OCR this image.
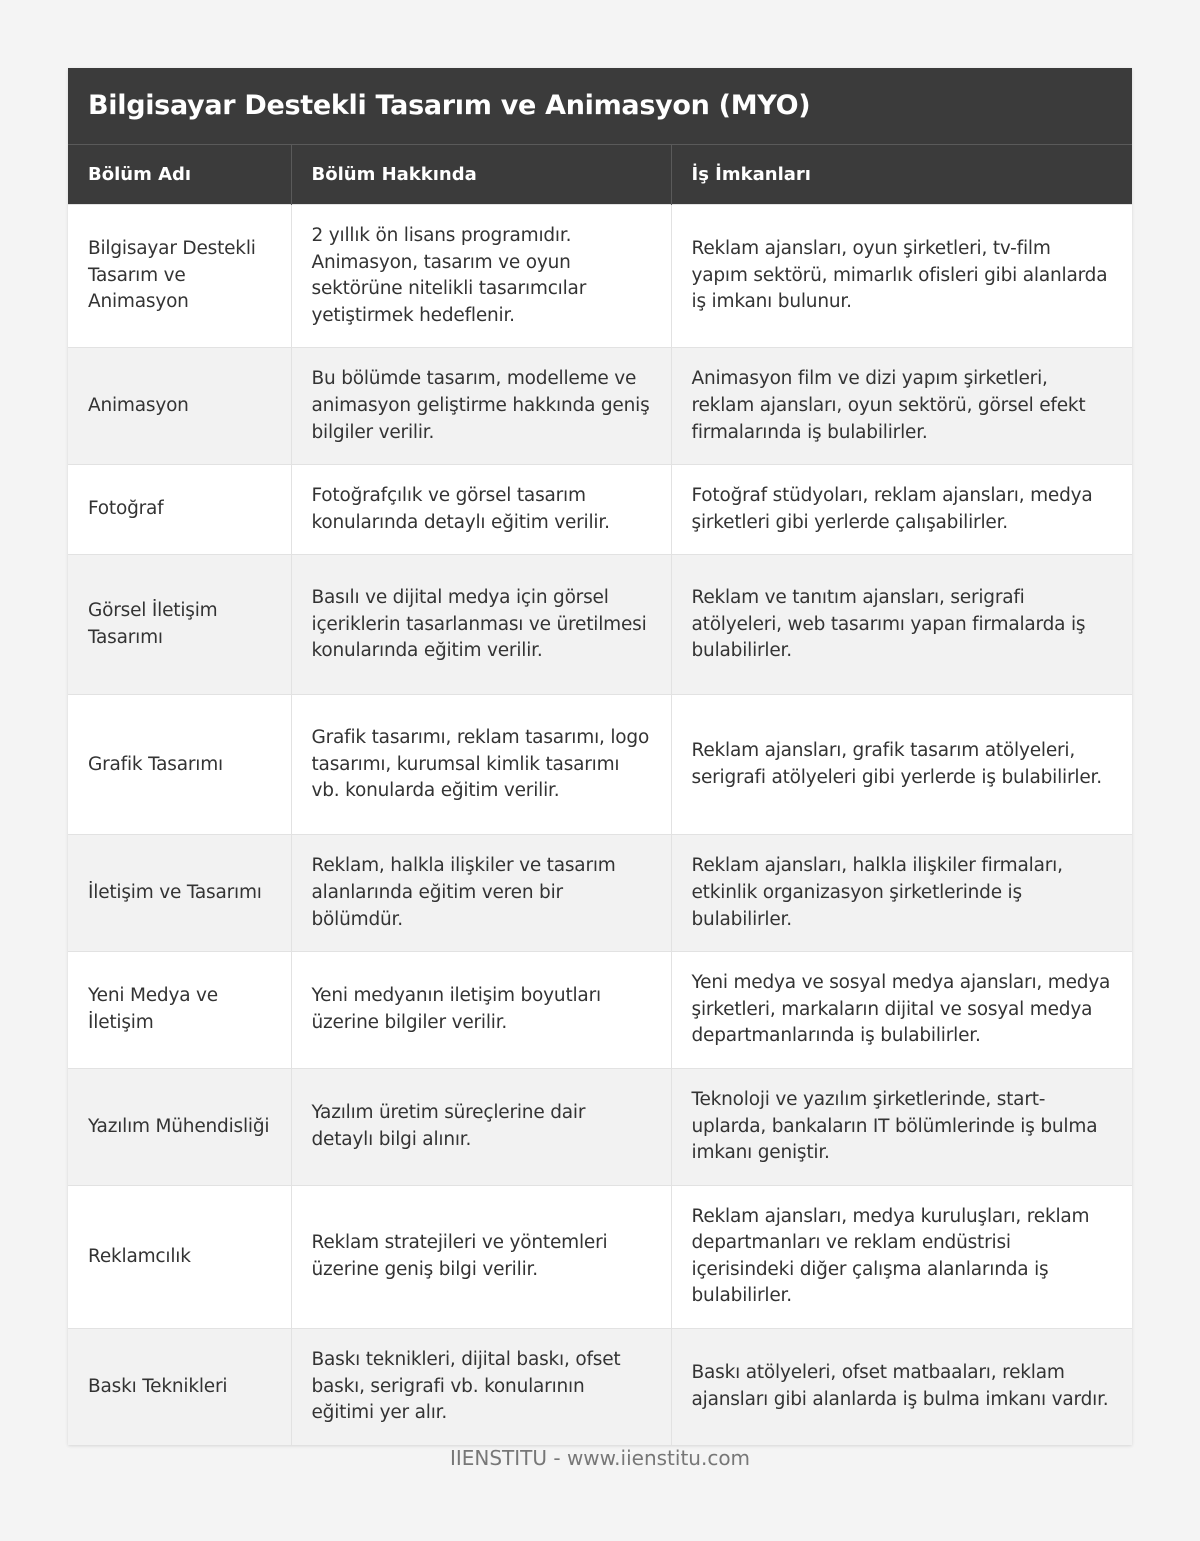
Bilgisayar Destekli Tasarım ve Animasyon (MYO)
Bölüm Adı	Bölüm Hakkında	İş İmkanları
Bilgisayar Destekli Tasarım ve Animasyon	2 yıllık ön lisans programıdır. Animasyon, tasarım ve oyun sektörüne nitelikli tasarımcılar yetiştirmek hedeflenir.	Reklam ajansları, oyun şirketleri, tv-film yapım sektörü, mimarlık ofisleri gibi alanlarda iş imkanı bulunur.
Animasyon	Bu bölümde tasarım, modelleme ve animasyon geliştirme hakkında geniş bilgiler verilir.	Animasyon film ve dizi yapım şirketleri, reklam ajansları, oyun sektörü, görsel efekt firmalarında iş bulabilirler.
Fotoğraf	Fotoğrafçılık ve görsel tasarım konularında detaylı eğitim verilir.	Fotoğraf stüdyoları, reklam ajansları, medya şirketleri gibi yerlerde çalışabilirler.
Görsel İletişim Tasarımı	Basılı ve dijital medya için görsel içeriklerin tasarlanması ve üretilmesi konularında eğitim verilir.	Reklam ve tanıtım ajansları, serigrafi atölyeleri, web tasarımı yapan firmalarda iş bulabilirler.
Grafik Tasarımı	Grafik tasarımı, reklam tasarımı, logo tasarımı, kurumsal kimlik tasarımı vb. konularda eğitim verilir.	Reklam ajansları, grafik tasarım atölyeleri, serigrafi atölyeleri gibi yerlerde iş bulabilirler.
İletişim ve Tasarımı	Reklam, halkla ilişkiler ve tasarım alanlarında eğitim veren bir bölümdür.	Reklam ajansları, halkla ilişkiler firmaları, etkinlik organizasyon şirketlerinde iş bulabilirler.
Yeni Medya ve İletişim	Yeni medyanın iletişim boyutları üzerine bilgiler verilir.	Yeni medya ve sosyal medya ajansları, medya şirketleri, markaların dijital ve sosyal medya departmanlarında iş bulabilirler.
Yazılım Mühendisliği	Yazılım üretim süreçlerine dair detaylı bilgi alınır.	Teknoloji ve yazılım şirketlerinde, start-uplarda, bankaların IT bölümlerinde iş bulma imkanı geniştir.
Reklamcılık	Reklam stratejileri ve yöntemleri üzerine geniş bilgi verilir.	Reklam ajansları, medya kuruluşları, reklam departmanları ve reklam endüstrisi içerisindeki diğer çalışma alanlarında iş bulabilirler.
Baskı Teknikleri	Baskı teknikleri, dijital baskı, ofset baskı, serigrafi vb. konularının eğitimi yer alır.	Baskı atölyeleri, ofset matbaaları, reklam ajansları gibi alanlarda iş bulma imkanı vardır.
IIENSTITU - www.iienstitu.com
